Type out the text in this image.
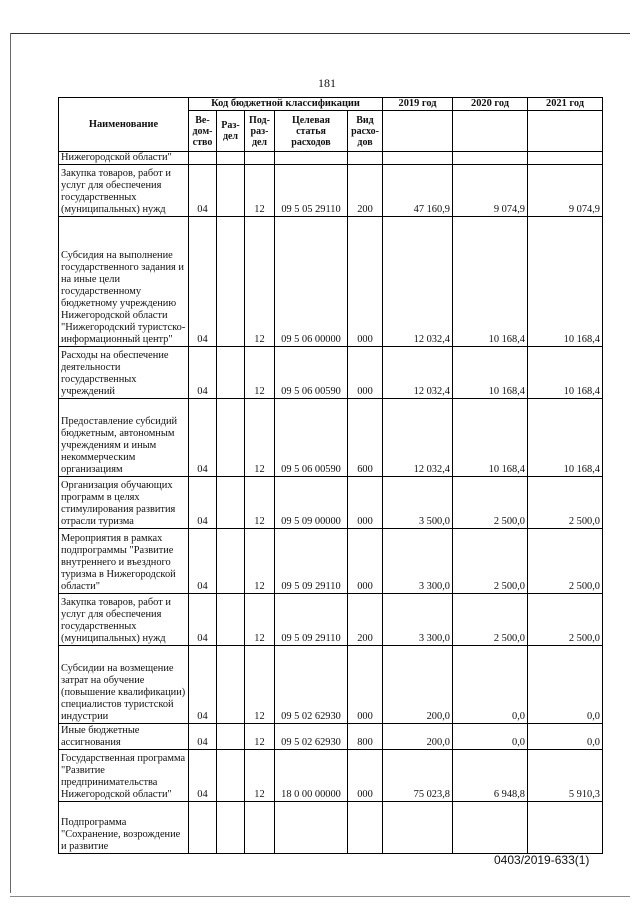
181
Наименование	Код бюджетной классификации					2019 год	2020 год	2021 год
	Ве-дом-ство	Раз-дел	Под-раз-дел	Целевая статья расходов	Вид расхо-дов			
Нижегородской области"								
Закупка товаров, работ и услуг для обеспечения государственных (муниципальных) нужд	04		12	09 5 05 29110	200	47 160,9	9 074,9	9 074,9
Субсидия на выполнение государственного задания и на иные цели государственному бюджетному учреждению Нижегородской области "Нижегородский туристско-информационный центр"	04		12	09 5 06 00000	000	12 032,4	10 168,4	10 168,4
Расходы на обеспечение деятельности государственных учреждений	04		12	09 5 06 00590	000	12 032,4	10 168,4	10 168,4
Предоставление субсидий бюджетным, автономным учреждениям и иным некоммерческим организациям	04		12	09 5 06 00590	600	12 032,4	10 168,4	10 168,4
Организация обучающих программ в целях стимулирования развития отрасли туризма	04		12	09 5 09 00000	000	3 500,0	2 500,0	2 500,0
Мероприятия в рамках подпрограммы "Развитие внутреннего и въездного туризма в Нижегородской области"	04		12	09 5 09 29110	000	3 300,0	2 500,0	2 500,0
Закупка товаров, работ и услуг для обеспечения государственных (муниципальных) нужд	04		12	09 5 09 29110	200	3 300,0	2 500,0	2 500,0
Субсидии на возмещение затрат на обучение (повышение квалификации) специалистов туристской индустрии	04		12	09 5 02 62930	000	200,0	0,0	0,0
Иные бюджетные ассигнования	04		12	09 5 02 62930	800	200,0	0,0	0,0
Государственная программа "Развитие предпринимательства Нижегородской области"	04		12	18 0 00 00000	000	75 023,8	6 948,8	5 910,3
Подпрограмма "Сохранение, возрождение и развитие								
0403/2019-633(1)
